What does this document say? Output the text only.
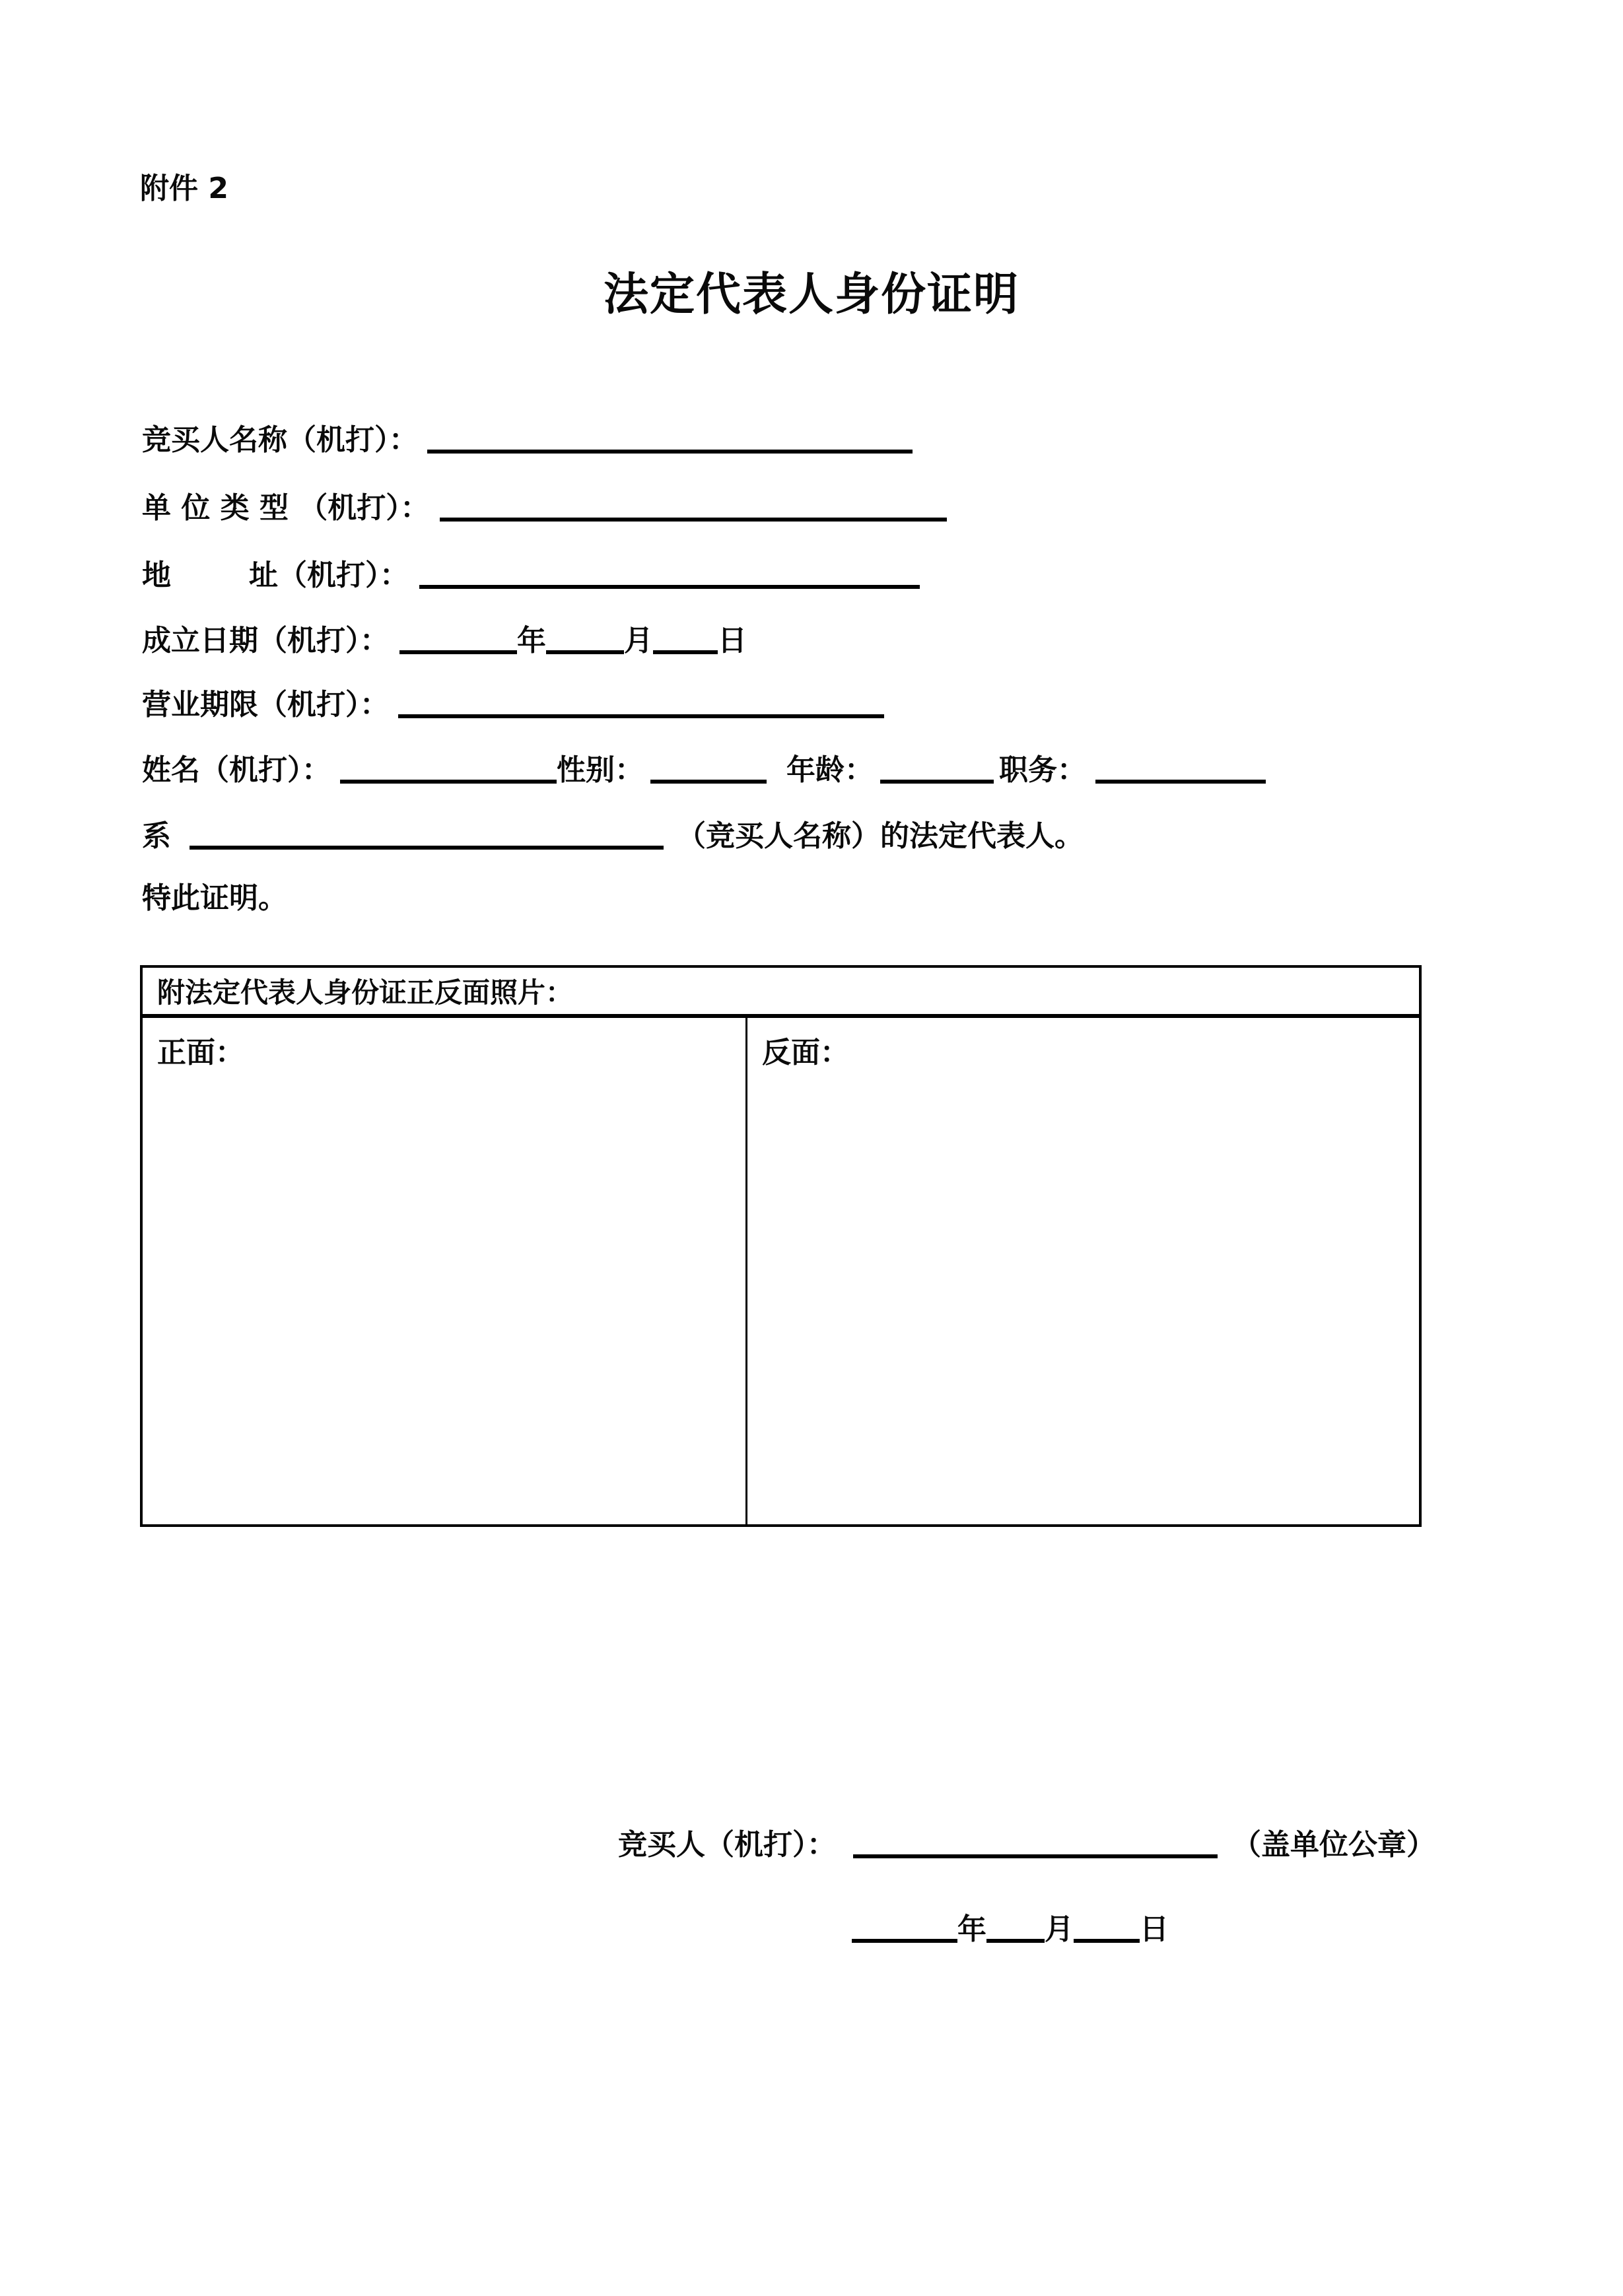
附件 2
法定代表人身份证明
竞买人名称（机打）：
单 位 类 型 （机打）：
地	址（机打）：
成立日期（机打）：	年	月 日
营业期限（机打）：
姓名（机打）：	性别：	年龄：	职务：
系	（竞买人名称）的法定代表人。
特此证明。
附法定代表人身份证正反面照片：
正面：	反面：
竞买人（机打）：	（盖单位公章）
年 月 日
